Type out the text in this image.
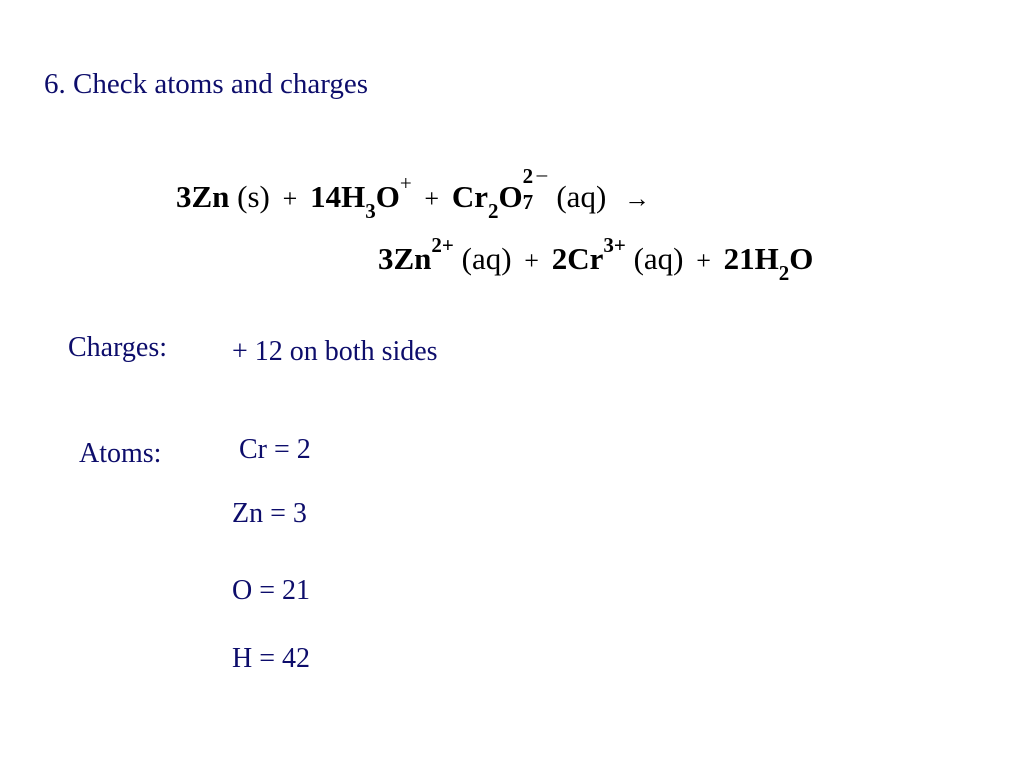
6. Check atoms and charges
3Zn $(s) + 14H_3O^+ + Cr_2O$
2 –
7 (aq) →
$3Zn^{2+}$ $(aq) + 2Cr^{3+}$ $(aq) + 21H_2O$
Charges: + 12 on both sides
Atoms:	Cr = 2
Zn = 3
O = 21
H = 42
